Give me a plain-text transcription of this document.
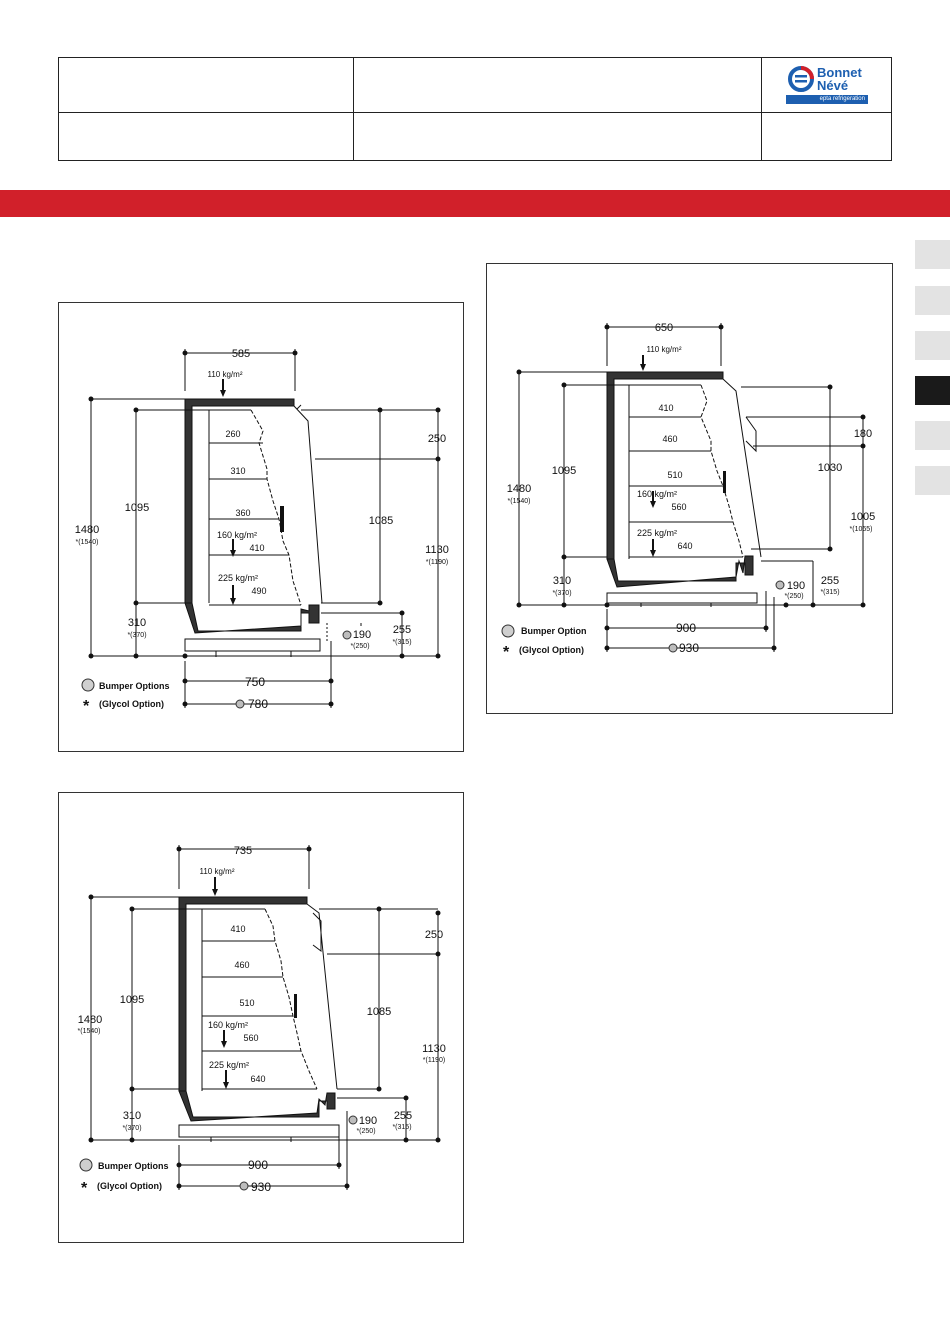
Bonnet
Névé
epta refrigeration
585
110 kg/m²
1480
*(1540)
1095
310
*(370)
250
1085
1130
*(1190)
260
310
360
410
490
160 kg/m²
225 kg/m²
190
*(250)
255
*(315)
750
780
Bumper Options
* (Glycol Option)
650
110 kg/m²
1480
*(1540)
1095
310
*(370)
180
1030
1005
*(1065)
410
460
510
560
640
160 kg/m²
225 kg/m²
190
*(250)
255
*(315)
900
930
Bumper Option
* (Glycol Option)
735
110 kg/m²
1480
*(1540)
1095
310
*(370)
250
1085
1130
*(1190)
410
460
510
560
640
160 kg/m²
225 kg/m²
190
*(250)
255
*(315)
900
930
Bumper Options
* (Glycol Option)
